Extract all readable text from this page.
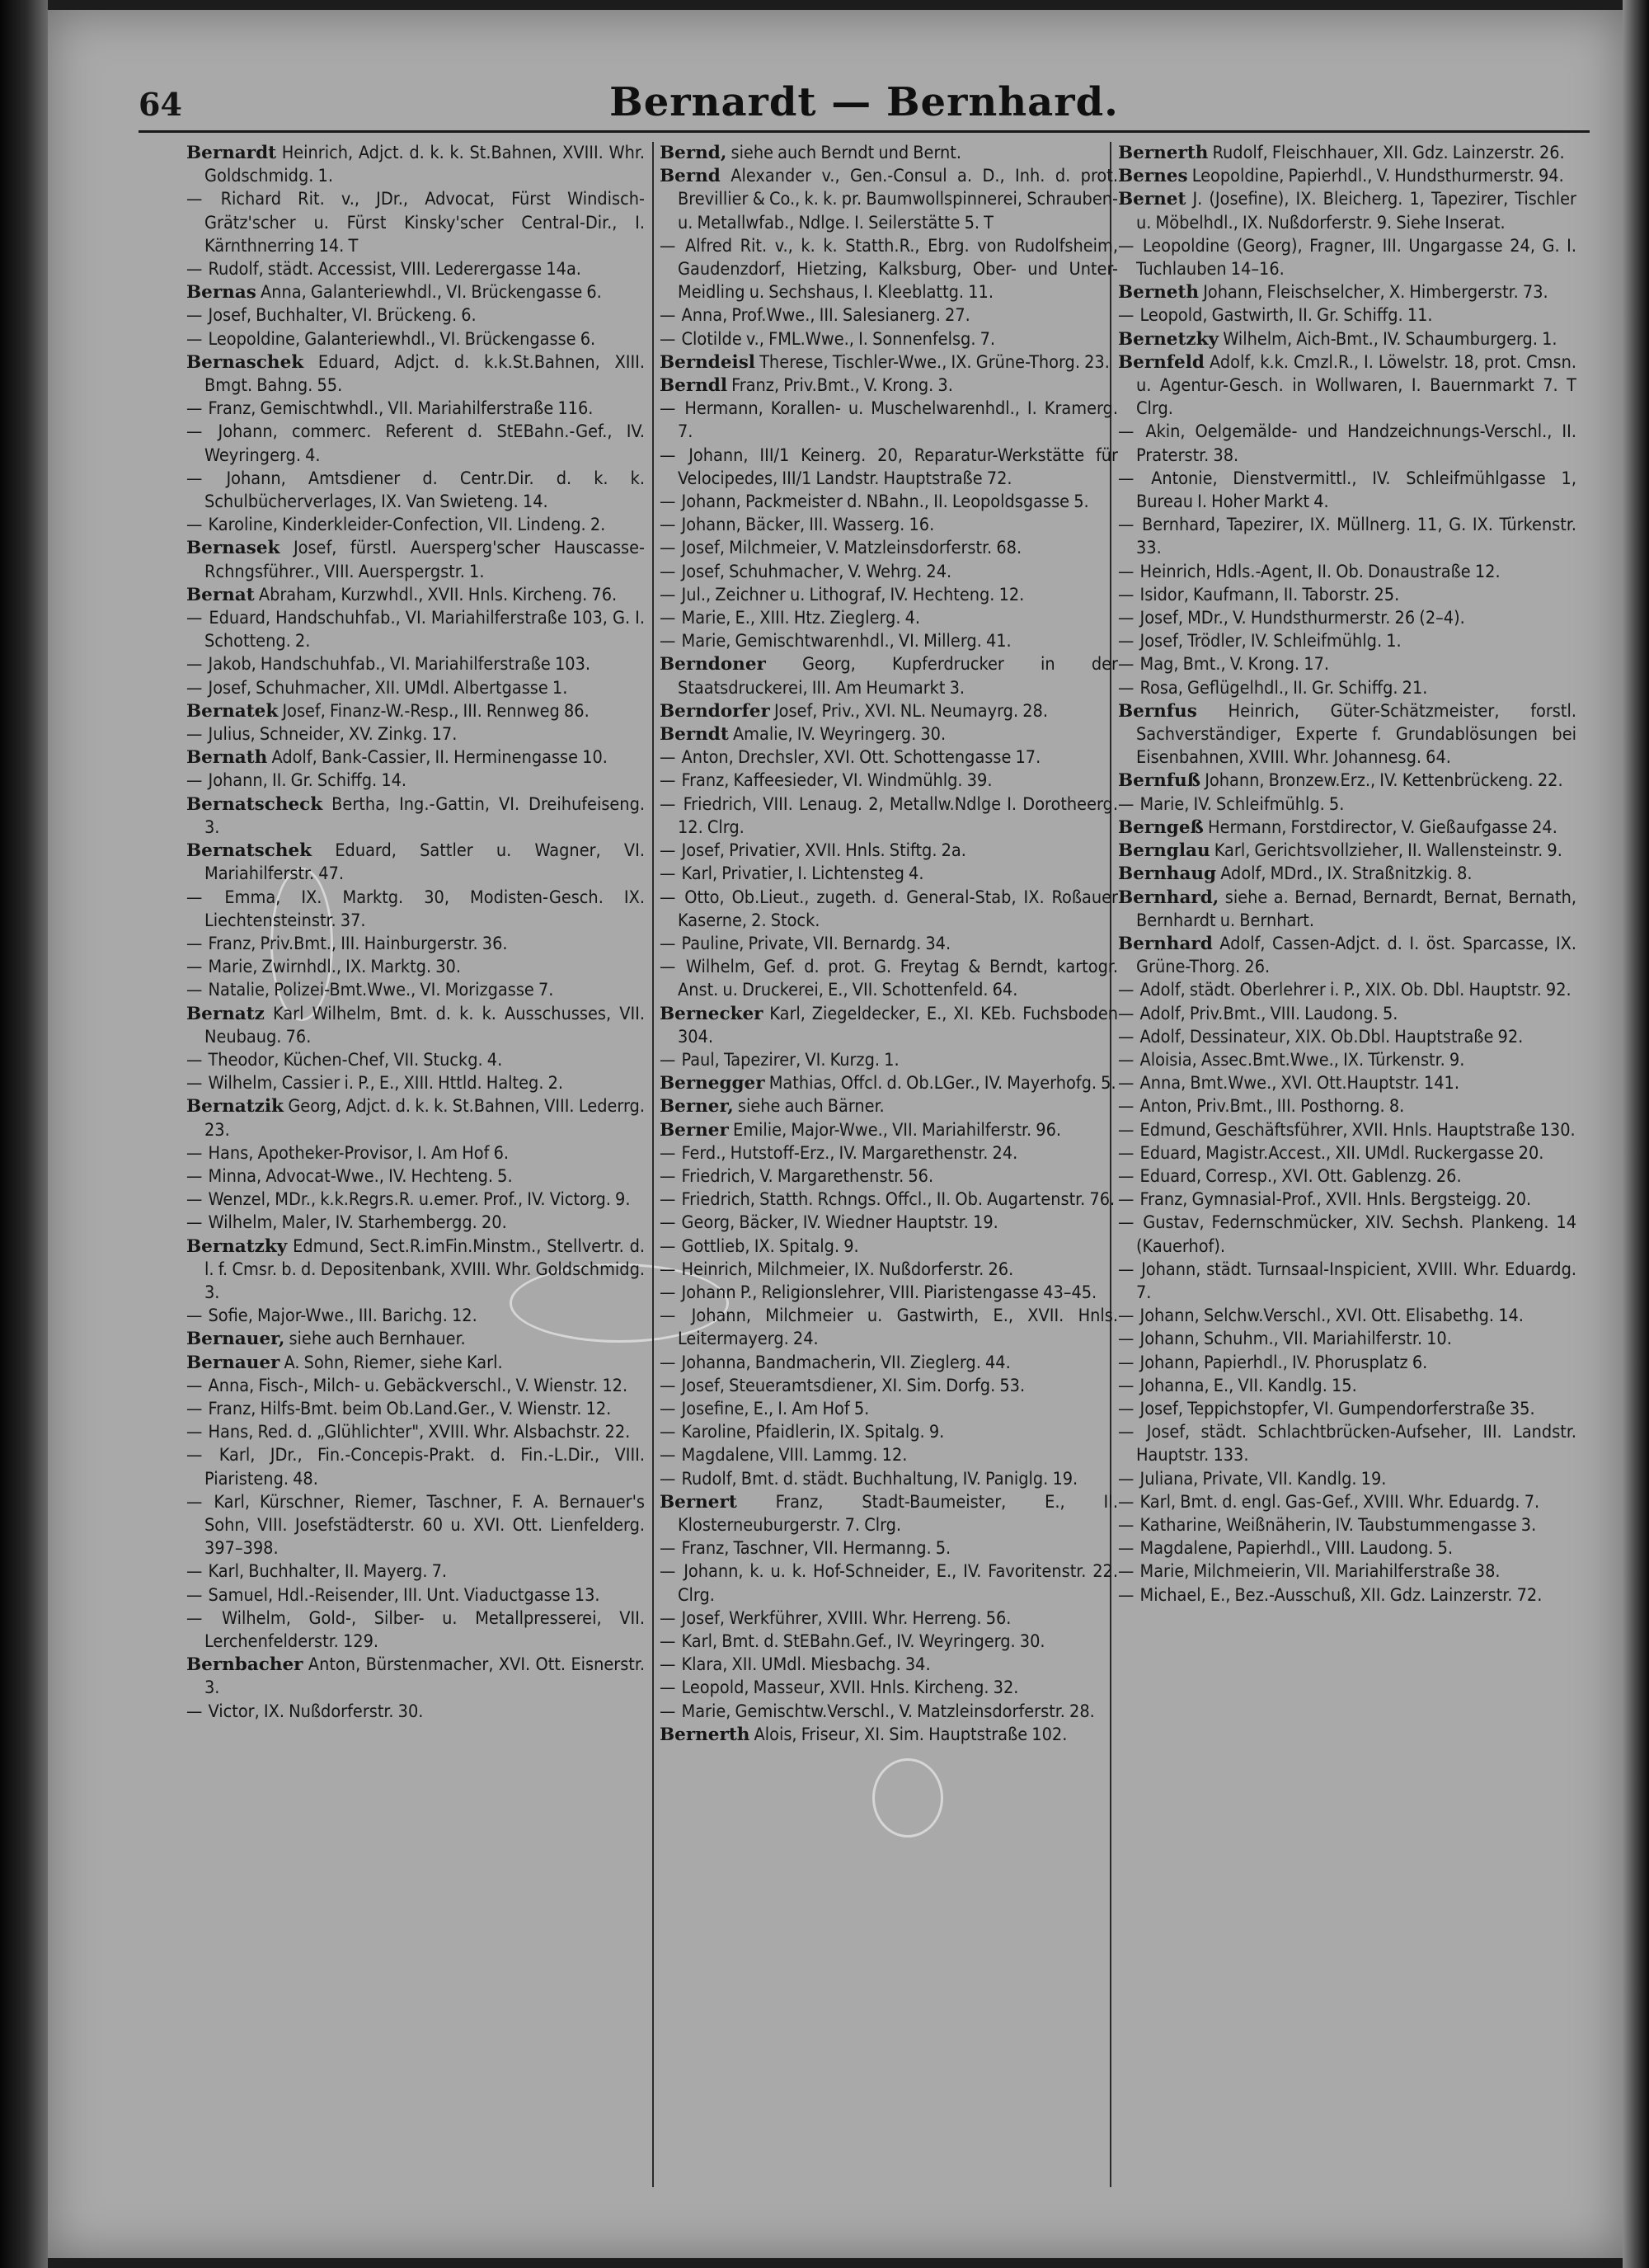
64	Bernardt — Bernhard.

Bernardt Heinrich, Adjct. d. k. k. St.Bahnen, XVIII. Whr. Goldschmidg. 1.

— Richard Rit. v., JDr., Advocat, Fürst Windisch-Grätz'scher u. Fürst Kinsky'scher Central-Dir., I. Kärnthnerring 14. T

— Rudolf, städt. Accessist, VIII. Lederergasse 14a.

Bernas Anna, Galanteriewhdl., VI. Brückengasse 6.

— Josef, Buchhalter, VI. Brückeng. 6.

— Leopoldine, Galanteriewhdl., VI. Brückengasse 6.

Bernaschek Eduard, Adjct. d. k.k.St.Bahnen, XIII. Bmgt. Bahng. 55.

— Franz, Gemischtwhdl., VII. Mariahilferstraße 116.

— Johann, commerc. Referent d. StEBahn.-Gef., IV. Weyringerg. 4.

— Johann, Amtsdiener d. Centr.Dir. d. k. k. Schulbücherverlages, IX. Van Swieteng. 14.

— Karoline, Kinderkleider-Confection, VII. Lindeng. 2.

Bernasek Josef, fürstl. Auersperg'scher Hauscasse-Rchngsführer., VIII. Auerspergstr. 1.

Bernat Abraham, Kurzwhdl., XVII. Hnls. Kircheng. 76.

— Eduard, Handschuhfab., VI. Mariahilferstraße 103, G. I. Schotteng. 2.

— Jakob, Handschuhfab., VI. Mariahilferstraße 103.

— Josef, Schuhmacher, XII. UMdl. Albertgasse 1.

Bernatek Josef, Finanz-W.-Resp., III. Rennweg 86.

— Julius, Schneider, XV. Zinkg. 17.

Bernath Adolf, Bank-Cassier, II. Herminengasse 10.

— Johann, II. Gr. Schiffg. 14.

Bernatscheck Bertha, Ing.-Gattin, VI. Dreihufeiseng. 3.

Bernatschek Eduard, Sattler u. Wagner, VI. Mariahilferstr. 47.

— Emma, IX. Marktg. 30, Modisten-Gesch. IX. Liechtensteinstr. 37.

— Franz, Priv.Bmt., III. Hainburgerstr. 36.

— Marie, Zwirnhdl., IX. Marktg. 30.

— Natalie, Polizei-Bmt.Wwe., VI. Morizgasse 7.

Bernatz Karl Wilhelm, Bmt. d. k. k. Ausschusses, VII. Neubaug. 76.

— Theodor, Küchen-Chef, VII. Stuckg. 4.

— Wilhelm, Cassier i. P., E., XIII. Httld. Halteg. 2.

Bernatzik Georg, Adjct. d. k. k. St.Bahnen, VIII. Lederrg. 23.

— Hans, Apotheker-Provisor, I. Am Hof 6.

— Minna, Advocat-Wwe., IV. Hechteng. 5.

— Wenzel, MDr., k.k.Regrs.R. u.emer. Prof., IV. Victorg. 9.

— Wilhelm, Maler, IV. Starhembergg. 20.

Bernatzky Edmund, Sect.R.imFin.Minstm., Stellvertr. d. l. f. Cmsr. b. d. Depositenbank, XVIII. Whr. Goldschmidg. 3.

— Sofie, Major-Wwe., III. Barichg. 12.

Bernauer, siehe auch Bernhauer.

Bernauer A. Sohn, Riemer, siehe Karl.

— Anna, Fisch-, Milch- u. Gebäckverschl., V. Wienstr. 12.

— Franz, Hilfs-Bmt. beim Ob.Land.Ger., V. Wienstr. 12.

— Hans, Red. d. „Glühlichter", XVIII. Whr. Alsbachstr. 22.

— Karl, JDr., Fin.-Concepis-Prakt. d. Fin.-L.Dir., VIII. Piaristeng. 48.

— Karl, Kürschner, Riemer, Taschner, F. A. Bernauer's Sohn, VIII. Josefstädterstr. 60 u. XVI. Ott. Lienfelderg. 397–398.

— Karl, Buchhalter, II. Mayerg. 7.

— Samuel, Hdl.-Reisender, III. Unt. Viaductgasse 13.

— Wilhelm, Gold-, Silber- u. Metallpresserei, VII. Lerchenfelderstr. 129.

Bernbacher Anton, Bürstenmacher, XVI. Ott. Eisnerstr. 3.

— Victor, IX. Nußdorferstr. 30.

Bernd, siehe auch Berndt und Bernt.

Bernd Alexander v., Gen.-Consul a. D., Inh. d. prot. Brevillier & Co., k. k. pr. Baumwollspinnerei, Schrauben- u. Metallwfab., Ndlge. I. Seilerstätte 5. T

— Alfred Rit. v., k. k. Statth.R., Ebrg. von Rudolfsheim, Gaudenzdorf, Hietzing, Kalksburg, Ober- und Unter-Meidling u. Sechshaus, I. Kleeblattg. 11.

— Anna, Prof.Wwe., III. Salesianerg. 27.

— Clotilde v., FML.Wwe., I. Sonnenfelsg. 7.

Berndeisl Therese, Tischler-Wwe., IX. Grüne-Thorg. 23.

Berndl Franz, Priv.Bmt., V. Krong. 3.

— Hermann, Korallen- u. Muschelwarenhdl., I. Kramerg. 7.

— Johann, III/1 Keinerg. 20, Reparatur-Werkstätte für Velocipedes, III/1 Landstr. Hauptstraße 72.

— Johann, Packmeister d. NBahn., II. Leopoldsgasse 5.

— Johann, Bäcker, III. Wasserg. 16.

— Josef, Milchmeier, V. Matzleinsdorferstr. 68.

— Josef, Schuhmacher, V. Wehrg. 24.

— Jul., Zeichner u. Lithograf, IV. Hechteng. 12.

— Marie, E., XIII. Htz. Zieglerg. 4.

— Marie, Gemischtwarenhdl., VI. Millerg. 41.

Berndoner Georg, Kupferdrucker in der Staatsdruckerei, III. Am Heumarkt 3.

Berndorfer Josef, Priv., XVI. NL. Neumayrg. 28.

Berndt Amalie, IV. Weyringerg. 30.

— Anton, Drechsler, XVI. Ott. Schottengasse 17.

— Franz, Kaffeesieder, VI. Windmühlg. 39.

— Friedrich, VIII. Lenaug. 2, Metallw.Ndlge I. Dorotheerg. 12. Clrg.

— Josef, Privatier, XVII. Hnls. Stiftg. 2a.

— Karl, Privatier, I. Lichtensteg 4.

— Otto, Ob.Lieut., zugeth. d. General-Stab, IX. Roßauer Kaserne, 2. Stock.

— Pauline, Private, VII. Bernardg. 34.

— Wilhelm, Gef. d. prot. G. Freytag & Berndt, kartogr. Anst. u. Druckerei, E., VII. Schottenfeld. 64.

Bernecker Karl, Ziegeldecker, E., XI. KEb. Fuchsboden 304.

— Paul, Tapezirer, VI. Kurzg. 1.

Bernegger Mathias, Offcl. d. Ob.LGer., IV. Mayerhofg. 5.

Berner, siehe auch Bärner.

Berner Emilie, Major-Wwe., VII. Mariahilferstr. 96.

— Ferd., Hutstoff-Erz., IV. Margarethenstr. 24.

— Friedrich, V. Margarethenstr. 56.

— Friedrich, Statth. Rchngs. Offcl., II. Ob. Augartenstr. 76.

— Georg, Bäcker, IV. Wiedner Hauptstr. 19.

— Gottlieb, IX. Spitalg. 9.

— Heinrich, Milchmeier, IX. Nußdorferstr. 26.

— Johann P., Religionslehrer, VIII. Piaristengasse 43–45.

— Johann, Milchmeier u. Gastwirth, E., XVII. Hnls. Leitermayerg. 24.

— Johanna, Bandmacherin, VII. Zieglerg. 44.

— Josef, Steueramtsdiener, XI. Sim. Dorfg. 53.

— Josefine, E., I. Am Hof 5.

— Karoline, Pfaidlerin, IX. Spitalg. 9.

— Magdalene, VIII. Lammg. 12.

— Rudolf, Bmt. d. städt. Buchhaltung, IV. Paniglg. 19.

Bernert Franz, Stadt-Baumeister, E., II. Klosterneuburgerstr. 7. Clrg.

— Franz, Taschner, VII. Hermanng. 5.

— Johann, k. u. k. Hof-Schneider, E., IV. Favoritenstr. 22. Clrg.

— Josef, Werkführer, XVIII. Whr. Herreng. 56.

— Karl, Bmt. d. StEBahn.Gef., IV. Weyringerg. 30.

— Klara, XII. UMdl. Miesbachg. 34.

— Leopold, Masseur, XVII. Hnls. Kircheng. 32.

— Marie, Gemischtw.Verschl., V. Matzleinsdorferstr. 28.

Bernerth Alois, Friseur, XI. Sim. Hauptstraße 102.

Bernerth Rudolf, Fleischhauer, XII. Gdz. Lainzerstr. 26.

Bernes Leopoldine, Papierhdl., V. Hundsthurmerstr. 94.

Bernet J. (Josefine), IX. Bleicherg. 1, Tapezirer, Tischler u. Möbelhdl., IX. Nußdorferstr. 9. Siehe Inserat.

— Leopoldine (Georg), Fragner, III. Ungargasse 24, G. I. Tuchlauben 14–16.

Berneth Johann, Fleischselcher, X. Himbergerstr. 73.

— Leopold, Gastwirth, II. Gr. Schiffg. 11.

Bernetzky Wilhelm, Aich-Bmt., IV. Schaumburgerg. 1.

Bernfeld Adolf, k.k. Cmzl.R., I. Löwelstr. 18, prot. Cmsn. u. Agentur-Gesch. in Wollwaren, I. Bauernmarkt 7. T Clrg.

— Akin, Oelgemälde- und Handzeichnungs-Verschl., II. Praterstr. 38.

— Antonie, Dienstvermittl., IV. Schleifmühlgasse 1, Bureau I. Hoher Markt 4.

— Bernhard, Tapezirer, IX. Müllnerg. 11, G. IX. Türkenstr. 33.

— Heinrich, Hdls.-Agent, II. Ob. Donaustraße 12.

— Isidor, Kaufmann, II. Taborstr. 25.

— Josef, MDr., V. Hundsthurmerstr. 26 (2–4).

— Josef, Trödler, IV. Schleifmühlg. 1.

— Mag, Bmt., V. Krong. 17.

— Rosa, Geflügelhdl., II. Gr. Schiffg. 21.

Bernfus Heinrich, Güter-Schätzmeister, forstl. Sachverständiger, Experte f. Grundablösungen bei Eisenbahnen, XVIII. Whr. Johannesg. 64.

Bernfuß Johann, Bronzew.Erz., IV. Kettenbrückeng. 22.

— Marie, IV. Schleifmühlg. 5.

Berngeß Hermann, Forstdirector, V. Gießaufgasse 24.

Bernglau Karl, Gerichtsvollzieher, II. Wallensteinstr. 9.

Bernhaug Adolf, MDrd., IX. Straßnitzkig. 8.

Bernhard, siehe a. Bernad, Bernardt, Bernat, Bernath, Bernhardt u. Bernhart.

Bernhard Adolf, Cassen-Adjct. d. I. öst. Sparcasse, IX. Grüne-Thorg. 26.

— Adolf, städt. Oberlehrer i. P., XIX. Ob. Dbl. Hauptstr. 92.

— Adolf, Priv.Bmt., VIII. Laudong. 5.

— Adolf, Dessinateur, XIX. Ob.Dbl. Hauptstraße 92.

— Aloisia, Assec.Bmt.Wwe., IX. Türkenstr. 9.

— Anna, Bmt.Wwe., XVI. Ott.Hauptstr. 141.

— Anton, Priv.Bmt., III. Posthorng. 8.

— Edmund, Geschäftsführer, XVII. Hnls. Hauptstraße 130.

— Eduard, Magistr.Accest., XII. UMdl. Ruckergasse 20.

— Eduard, Corresp., XVI. Ott. Gablenzg. 26.

— Franz, Gymnasial-Prof., XVII. Hnls. Bergsteigg. 20.

— Gustav, Federnschmücker, XIV. Sechsh. Plankeng. 14 (Kauerhof).

— Johann, städt. Turnsaal-Inspicient, XVIII. Whr. Eduardg. 7.

— Johann, Selchw.Verschl., XVI. Ott. Elisabethg. 14.

— Johann, Schuhm., VII. Mariahilferstr. 10.

— Johann, Papierhdl., IV. Phorusplatz 6.

— Johanna, E., VII. Kandlg. 15.

— Josef, Teppichstopfer, VI. Gumpendorferstraße 35.

— Josef, städt. Schlachtbrücken-Aufseher, III. Landstr. Hauptstr. 133.

— Juliana, Private, VII. Kandlg. 19.

— Karl, Bmt. d. engl. Gas-Gef., XVIII. Whr. Eduardg. 7.

— Katharine, Weißnäherin, IV. Taubstummengasse 3.

— Magdalene, Papierhdl., VIII. Laudong. 5.

— Marie, Milchmeierin, VII. Mariahilferstraße 38.

— Michael, E., Bez.-Ausschuß, XII. Gdz. Lainzerstr. 72.
